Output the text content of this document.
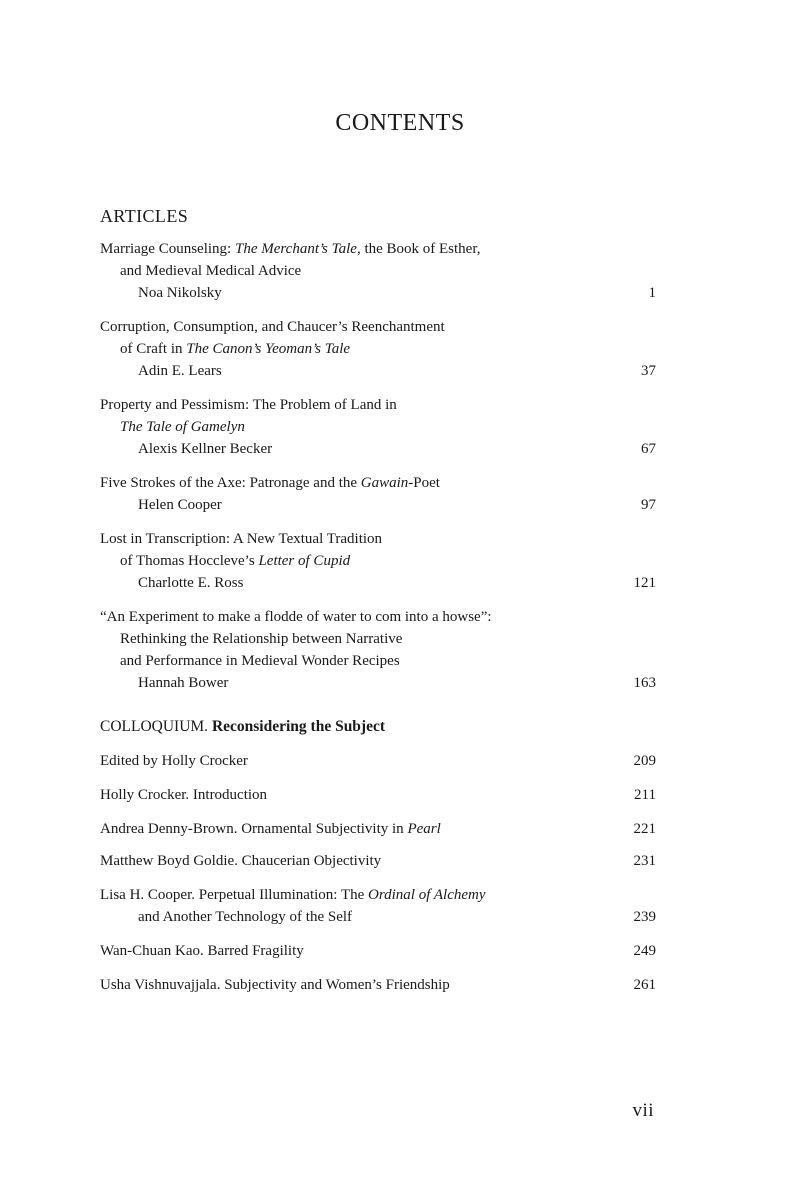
CONTENTS
ARTICLES
Marriage Counseling: The Merchant’s Tale, the Book of Esther,
and Medieval Medical Advice
Noa Nikolsky	1
Corruption, Consumption, and Chaucer’s Reenchantment
of Craft in The Canon’s Yeoman’s Tale
Adin E. Lears	37
Property and Pessimism: The Problem of Land in
The Tale of Gamelyn
Alexis Kellner Becker	67
Five Strokes of the Axe: Patronage and the Gawain-Poet
Helen Cooper	97
Lost in Transcription: A New Textual Tradition
of Thomas Hoccleve’s Letter of Cupid
Charlotte E. Ross	121
“An Experiment to make a flodde of water to com into a howse”:
Rethinking the Relationship between Narrative
and Performance in Medieval Wonder Recipes
Hannah Bower	163
COLLOQUIUM. Reconsidering the Subject
Edited by Holly Crocker	209
Holly Crocker. Introduction	211
Andrea Denny-Brown. Ornamental Subjectivity in Pearl	221
Matthew Boyd Goldie. Chaucerian Objectivity	231
Lisa H. Cooper. Perpetual Illumination: The Ordinal of Alchemy
and Another Technology of the Self	239
Wan-Chuan Kao. Barred Fragility	249
Usha Vishnuvajjala. Subjectivity and Women’s Friendship	261
vii
